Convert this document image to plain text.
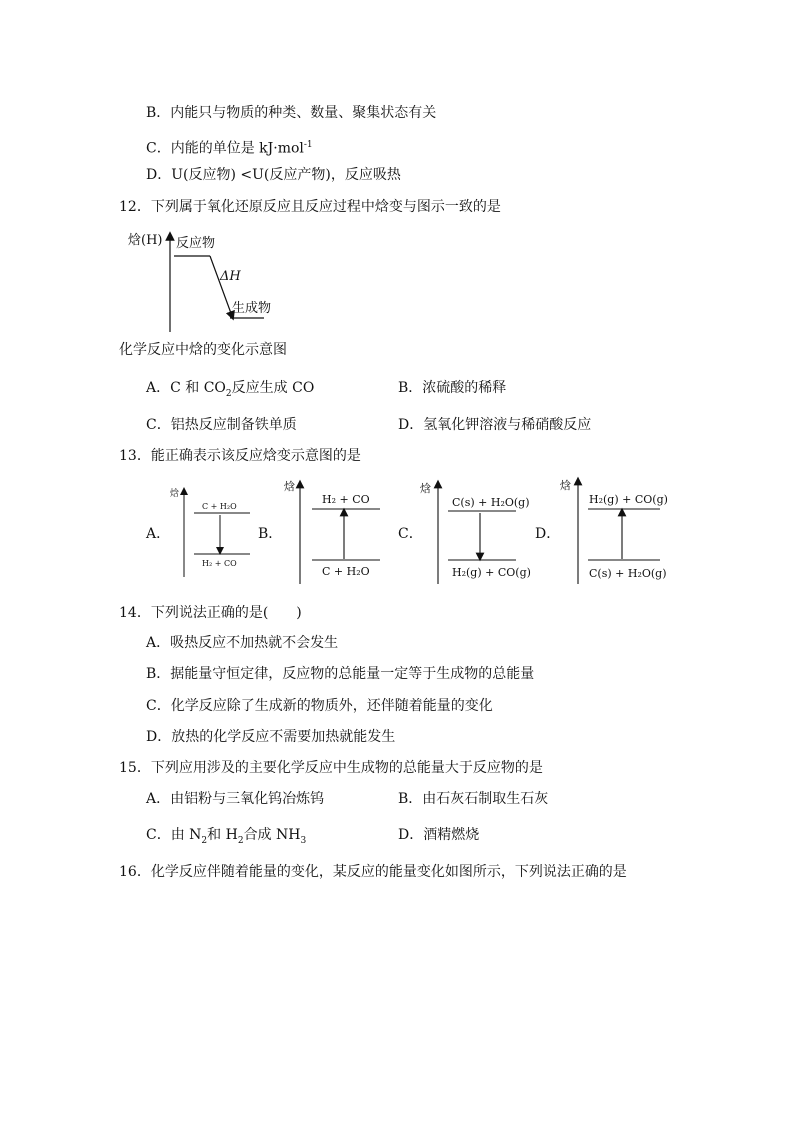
B．内能只与物质的种类、数量、聚集状态有关
C．内能的单位是 kJ·mol$^{-1}$
D．U(反应物) <U(反应产物)，反应吸热
12．下列属于氧化还原反应且反应过程中焓变与图示一致的是
焓(H) 反应物
ΔH
生成物
化学反应中焓的变化示意图
A．C 和 $CO_2$反应生成 CO	B．浓硫酸的稀释
C．铝热反应制备铁单质	D．氢氧化钾溶液与稀硝酸反应
13．能正确表示该反应焓变示意图的是
A．
焓
C + H₂O
H₂ + CO
B．
焓
H₂ + CO
C + H₂O
C．
焓
C(s) + H₂O(g)
H₂(g) + CO(g)
D．
焓
H₂(g) + CO(g)
C(s) + H₂O(g)
14．下列说法正确的是(　　)
A．吸热反应不加热就不会发生
B．据能量守恒定律，反应物的总能量一定等于生成物的总能量
C．化学反应除了生成新的物质外，还伴随着能量的变化
D．放热的化学反应不需要加热就能发生
15．下列应用涉及的主要化学反应中生成物的总能量大于反应物的是
A．由铝粉与三氧化钨冶炼钨	B．由石灰石制取生石灰
C．由 $N_2$和 $H_2$合成 $NH_3$	D．酒精燃烧
16．化学反应伴随着能量的变化，某反应的能量变化如图所示，下列说法正确的是
